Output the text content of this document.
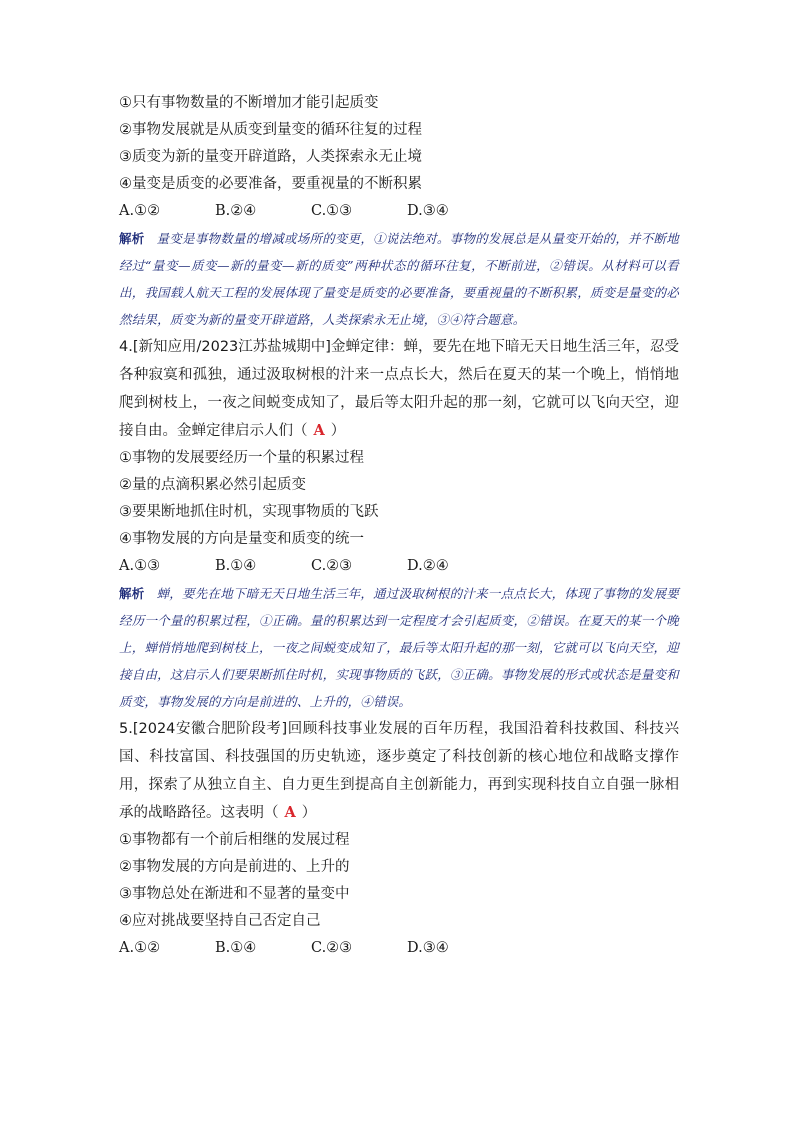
①只有事物数量的不断增加才能引起质变
②事物发展就是从质变到量变的循环往复的过程
③质变为新的量变开辟道路，人类探索永无止境
④量变是质变的必要准备，要重视量的不断积累
A.①②	B.②④	C.①③	D.③④
解析 量变是事物数量的增减或场所的变更，①说法绝对。事物的发展总是从量变开始的，并不断地经过“量变—质变—新的量变—新的质变”两种状态的循环往复，不断前进，②错误。从材料可以看出，我国载人航天工程的发展体现了量变是质变的必要准备，要重视量的不断积累，质变是量变的必然结果，质变为新的量变开辟道路，人类探索永无止境，③④符合题意。
4.[新知应用/2023江苏盐城期中]金蝉定律：蝉，要先在地下暗无天日地生活三年，忍受各种寂寞和孤独，通过汲取树根的汁来一点点长大，然后在夏天的某一个晚上，悄悄地爬到树枝上，一夜之间蜕变成知了，最后等太阳升起的那一刻，它就可以飞向天空，迎接自由。金蝉定律启示人们（ A ）
①事物的发展要经历一个量的积累过程
②量的点滴积累必然引起质变
③要果断地抓住时机，实现事物质的飞跃
④事物发展的方向是量变和质变的统一
A.①③	B.①④	C.②③	D.②④
解析 蝉，要先在地下暗无天日地生活三年，通过汲取树根的汁来一点点长大，体现了事物的发展要经历一个量的积累过程，①正确。量的积累达到一定程度才会引起质变，②错误。在夏天的某一个晚上，蝉悄悄地爬到树枝上，一夜之间蜕变成知了，最后等太阳升起的那一刻，它就可以飞向天空，迎接自由，这启示人们要果断抓住时机，实现事物质的飞跃，③正确。事物发展的形式或状态是量变和质变，事物发展的方向是前进的、上升的，④错误。
5.[2024安徽合肥阶段考]回顾科技事业发展的百年历程，我国沿着科技救国、科技兴国、科技富国、科技强国的历史轨迹，逐步奠定了科技创新的核心地位和战略支撑作用，探索了从独立自主、自力更生到提高自主创新能力，再到实现科技自立自强一脉相承的战略路径。这表明（ A ）
①事物都有一个前后相继的发展过程
②事物发展的方向是前进的、上升的
③事物总处在渐进和不显著的量变中
④应对挑战要坚持自己否定自己
A.①②	B.①④	C.②③	D.③④
